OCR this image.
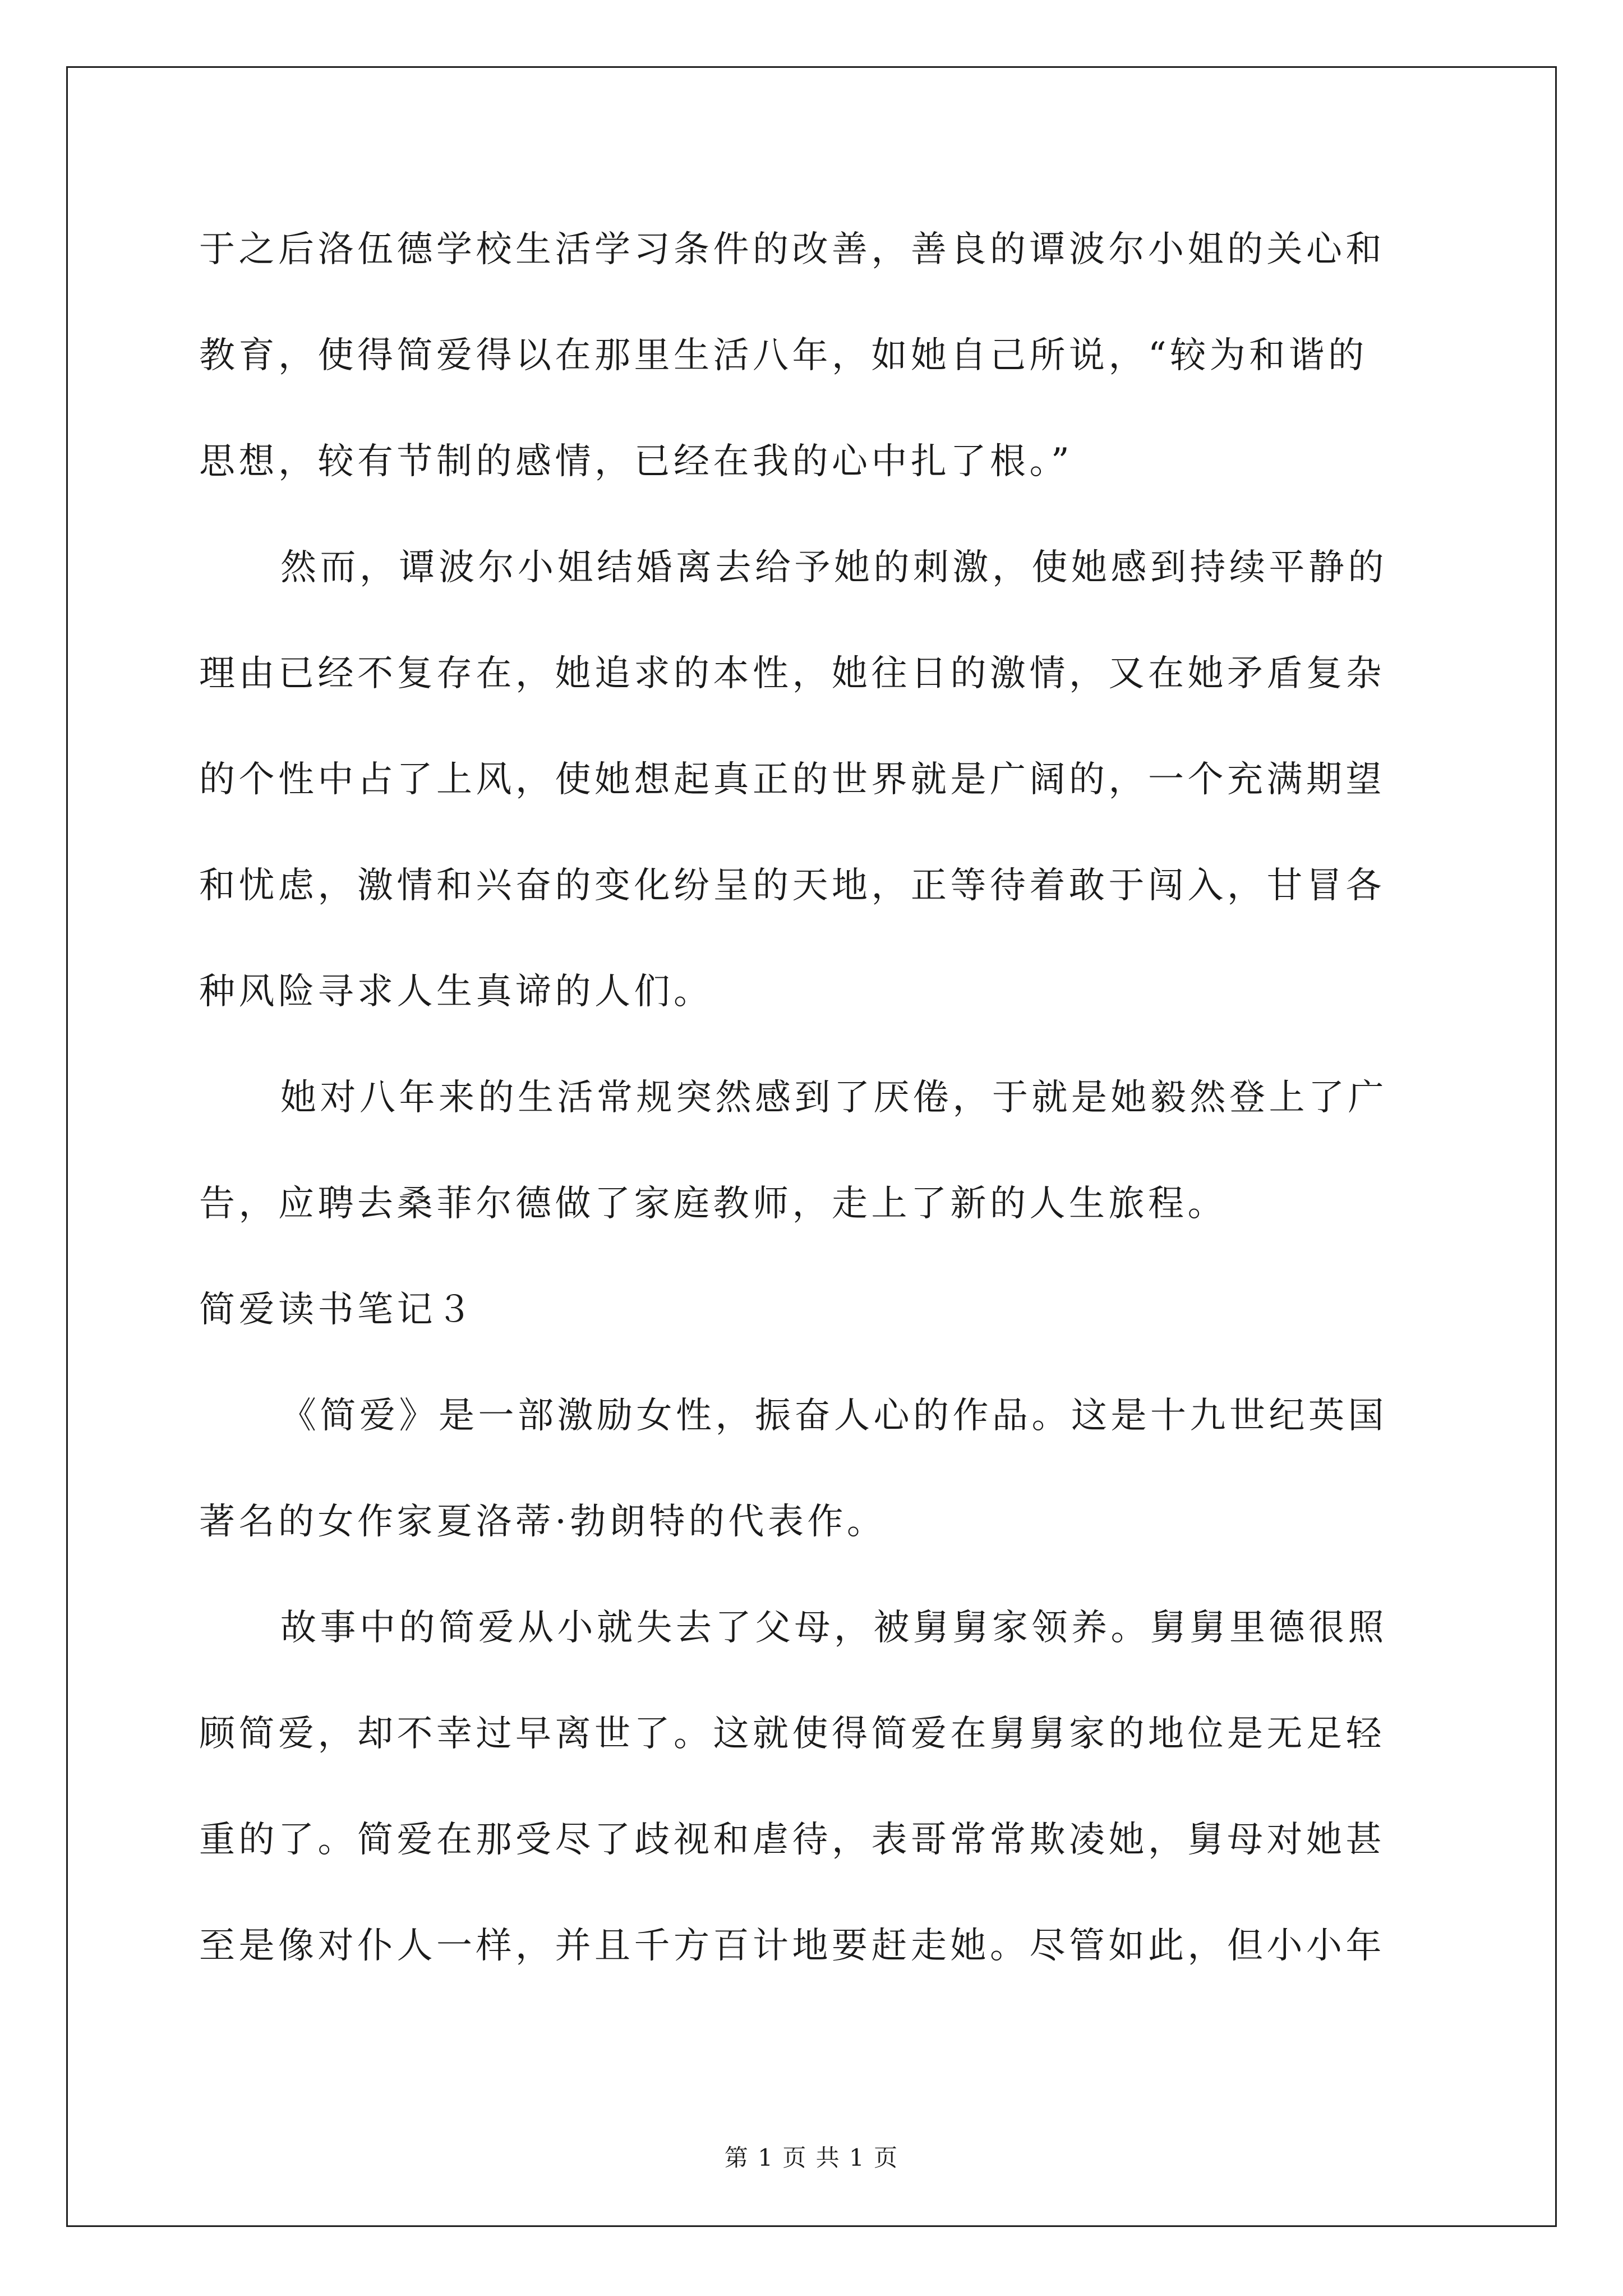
于之后洛伍德学校生活学习条件的改善，善良的谭波尔小姐的关心和
教育，使得简爱得以在那里生活八年，如她自己所说，“较为和谐的
思想，较有节制的感情，已经在我的心中扎了根。”
然而，谭波尔小姐结婚离去给予她的刺激，使她感到持续平静的
理由已经不复存在，她追求的本性，她往日的激情，又在她矛盾复杂
的个性中占了上风，使她想起真正的世界就是广阔的，一个充满期望
和忧虑，激情和兴奋的变化纷呈的天地，正等待着敢于闯入，甘冒各
种风险寻求人生真谛的人们。
她对八年来的生活常规突然感到了厌倦，于就是她毅然登上了广
告，应聘去桑菲尔德做了家庭教师，走上了新的人生旅程。
简爱读书笔记３
《简爱》是一部激励女性，振奋人心的作品。这是十九世纪英国
著名的女作家夏洛蒂·勃朗特的代表作。
故事中的简爱从小就失去了父母，被舅舅家领养。舅舅里德很照
顾简爱，却不幸过早离世了。这就使得简爱在舅舅家的地位是无足轻
重的了。简爱在那受尽了歧视和虐待，表哥常常欺凌她，舅母对她甚
至是像对仆人一样，并且千方百计地要赶走她。尽管如此，但小小年
第 1 页 共 1 页
